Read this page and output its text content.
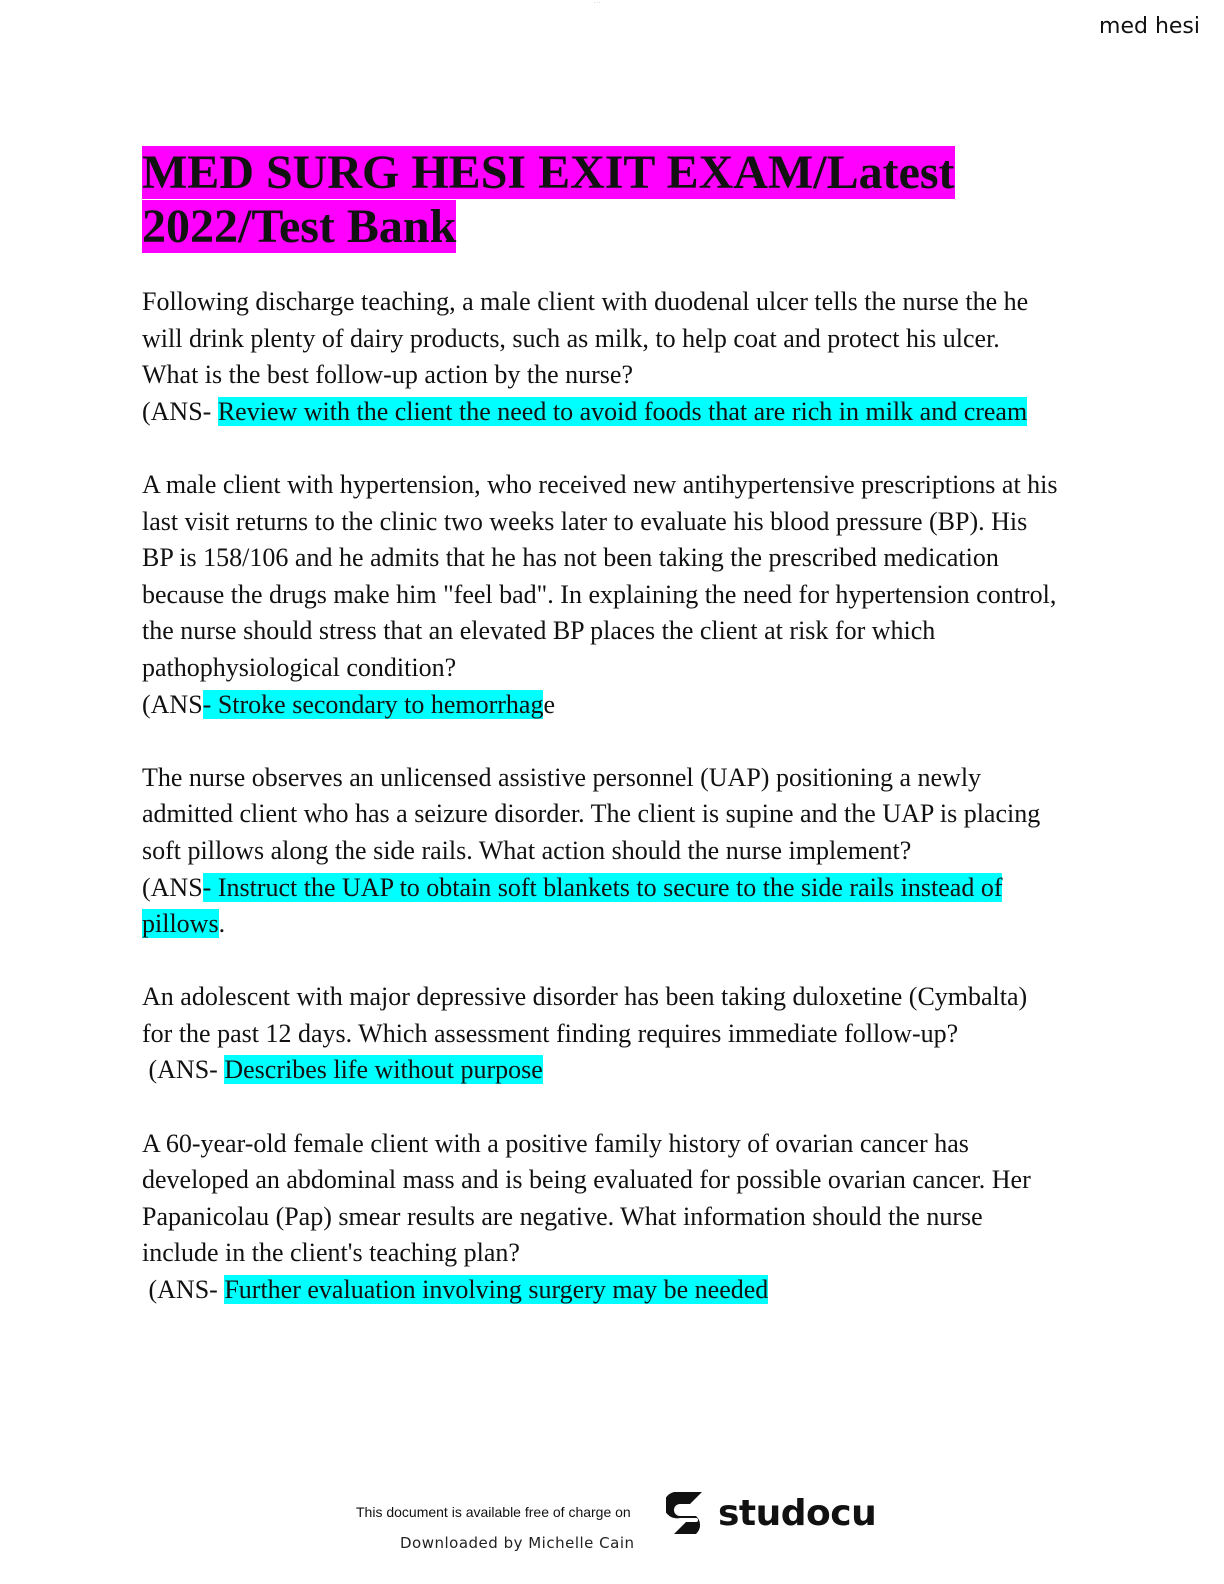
· · ·
med hesi
MED SURG HESI EXIT EXAM/Latest 2022/Test Bank

Following discharge teaching, a male client with duodenal ulcer tells the nurse the he will drink plenty of dairy products, such as milk, to help coat and protect his ulcer. What is the best follow-up action by the nurse?

(ANS- Review with the client the need to avoid foods that are rich in milk and cream

A male client with hypertension, who received new antihypertensive prescriptions at his last visit returns to the clinic two weeks later to evaluate his blood pressure (BP). His BP is 158/106 and he admits that he has not been taking the prescribed medication because the drugs make him "feel bad". In explaining the need for hypertension control, the nurse should stress that an elevated BP places the client at risk for which pathophysiological condition?

(ANS- Stroke secondary to hemorrhage

The nurse observes an unlicensed assistive personnel (UAP) positioning a newly admitted client who has a seizure disorder. The client is supine and the UAP is placing soft pillows along the side rails. What action should the nurse implement?

(ANS- Instruct the UAP to obtain soft blankets to secure to the side rails instead of pillows.

An adolescent with major depressive disorder has been taking duloxetine (Cymbalta) for the past 12 days. Which assessment finding requires immediate follow-up?

(ANS- Describes life without purpose

A 60-year-old female client with a positive family history of ovarian cancer has developed an abdominal mass and is being evaluated for possible ovarian cancer. Her Papanicolau (Pap) smear results are negative. What information should the nurse include in the client's teaching plan?

(ANS- Further evaluation involving surgery may be needed

This document is available free of charge on studocu
Downloaded by Michelle Cain
